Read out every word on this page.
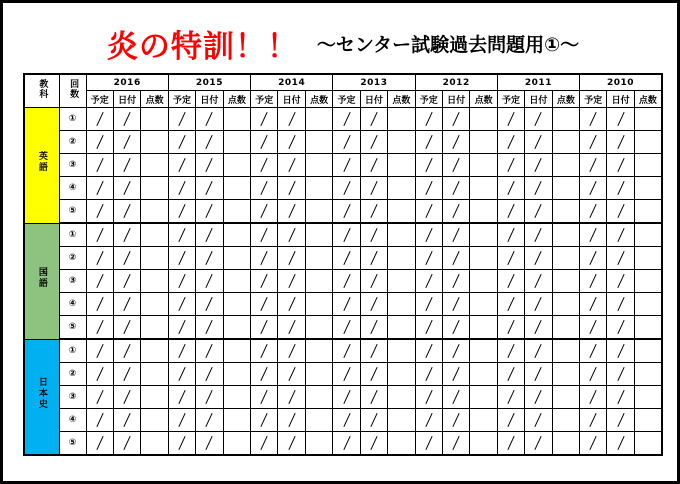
炎の特訓！！ ～センター試験過去問題用①～
教科	回数	2016			2015			2014			2013			2012			2011			2010		
		予定	日付	点数	予定	日付	点数	予定	日付	点数	予定	日付	点数	予定	日付	点数	予定	日付	点数	予定	日付	点数
英語	①	

	②	

	③	

	④	

	⑤	

国語	①	

	②	

	③	

	④	

	⑤	

日本史	①	

	②	

	③	

	④	

	⑤	
